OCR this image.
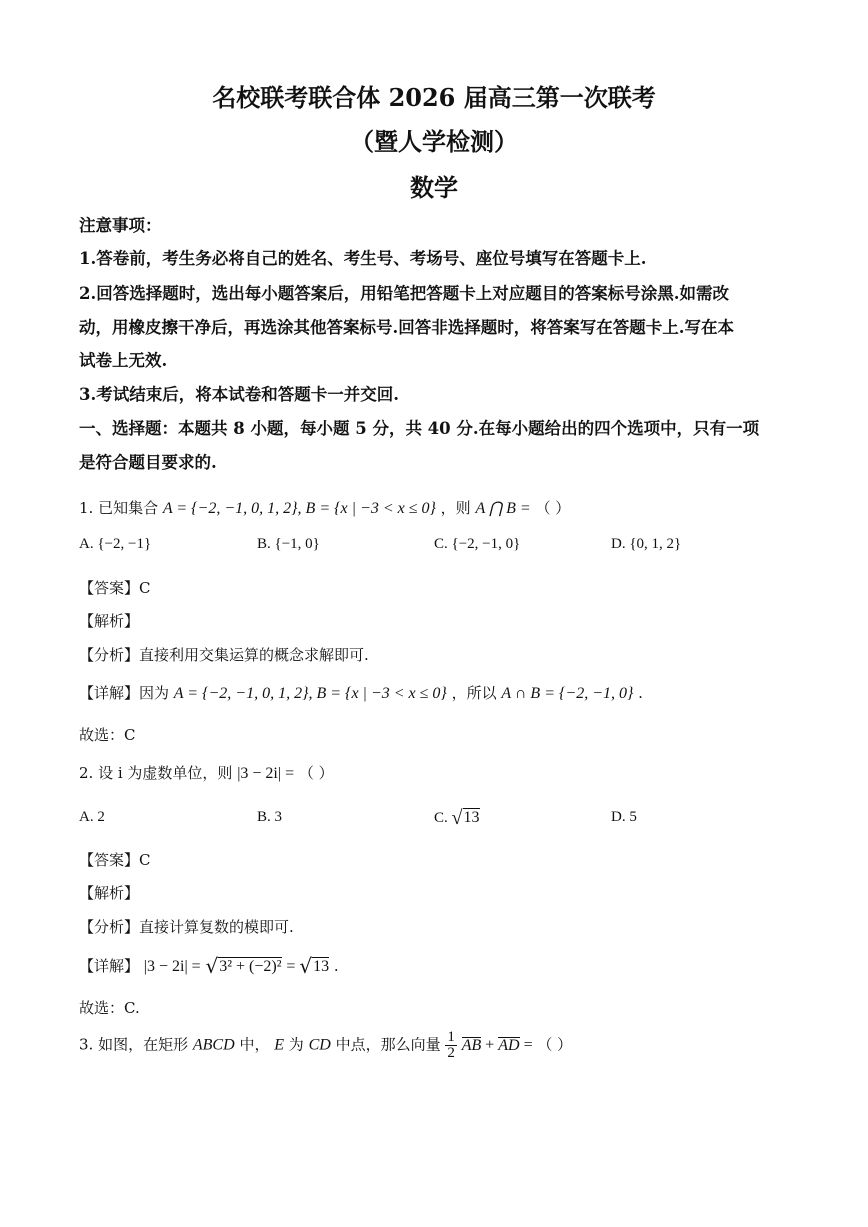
名校联考联合体 2026 届高三第一次联考
（暨人学检测）
数学
注意事项：
1.答卷前，考生务必将自己的姓名、考生号、考场号、座位号填写在答题卡上.
2.回答选择题时，选出每小题答案后，用铅笔把答题卡上对应题目的答案标号涂黑.如需改
动，用橡皮擦干净后，再选涂其他答案标号.回答非选择题时，将答案写在答题卡上.写在本
试卷上无效.
3.考试结束后，将本试卷和答题卡一并交回.
一、选择题：本题共 8 小题，每小题 5 分，共 40 分.在每小题给出的四个选项中，只有一项
是符合题目要求的.
1. 已知集合 A = {−2, −1, 0, 1, 2}, B = {x | −3 < x ≤ 0} ，则 A ⋂ B = （ ）
A. {−2, −1}	B. {−1, 0}	C. {−2, −1, 0}	D. {0, 1, 2}
【答案】C
【解析】
【分析】直接利用交集运算的概念求解即可.
【详解】因为 A = {−2, −1, 0, 1, 2}, B = {x | −3 < x ≤ 0} ，所以 A ∩ B = {−2, −1, 0} .
故选：C
2. 设 i 为虚数单位，则 |3 − 2i| = （ ）
A. 2	B. 3	C. √13	D. 5
【答案】C
【解析】
【分析】直接计算复数的模即可.
【详解】 |3 − 2i| = √3² + (−2)² = √13 .
故选：C.
3. 如图，在矩形 ABCD 中， E 为 CD 中点，那么向量 $\frac{1}{2}$ AB + AD = （ ）
